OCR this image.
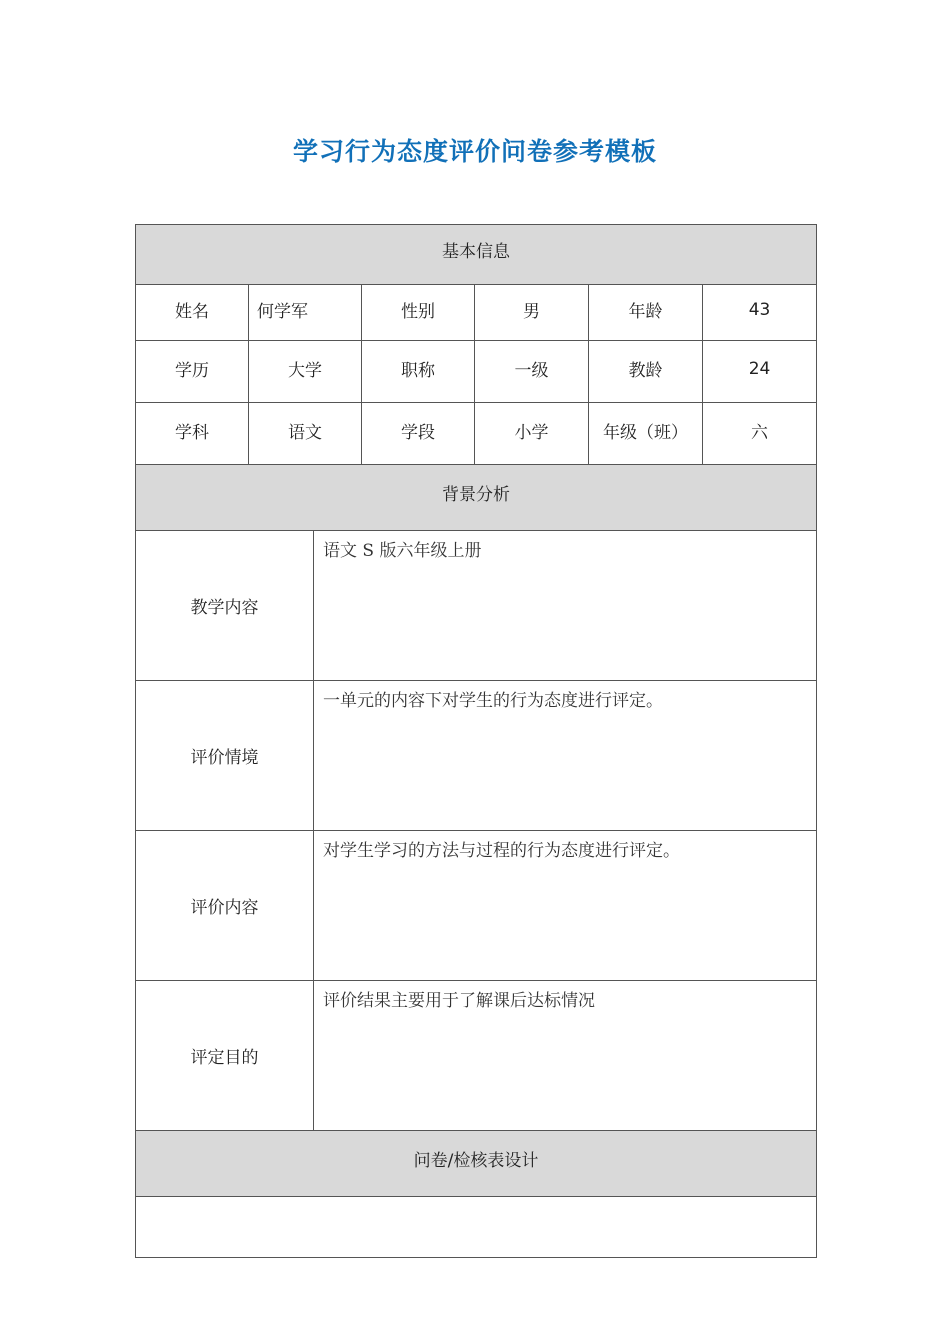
学习行为态度评价问卷参考模板
基本信息						
姓名	何学军		性别	男	年龄	43
学历	大学		职称	一级	教龄	24
学科	语文		学段	小学	年级（班）	六
背景分析						
教学内容		语文 S 版六年级上册				
评价情境		一单元的内容下对学生的行为态度进行评定。				
评价内容		对学生学习的方法与过程的行为态度进行评定。				
评定目的		评价结果主要用于了解课后达标情况				
问卷/检核表设计						
